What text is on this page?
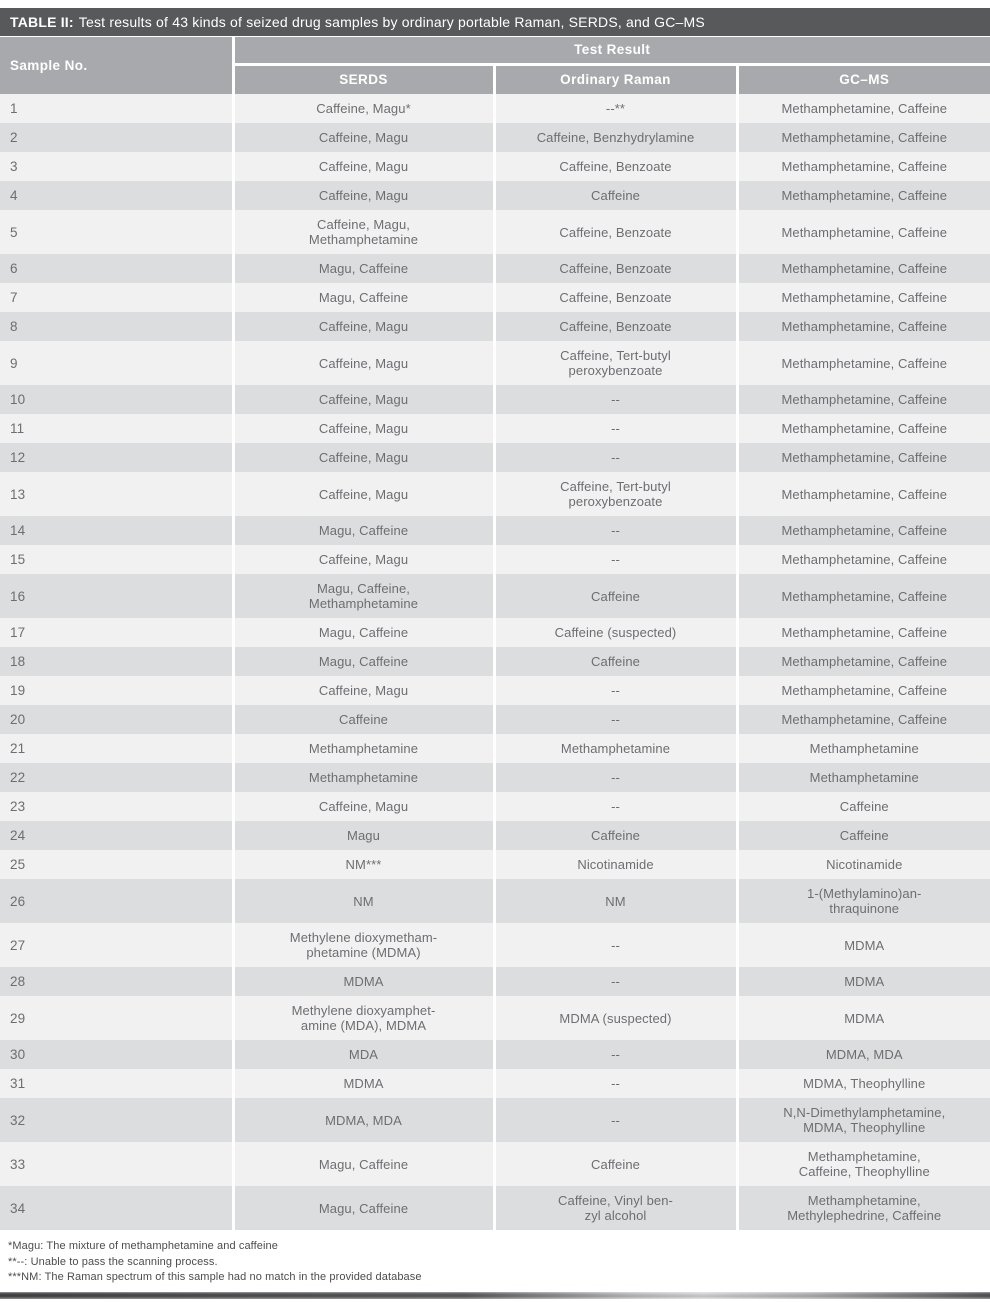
TABLE II: Test results of 43 kinds of seized drug samples by ordinary portable Raman, SERDS, and GC–MS
Sample No.	Test Result		
	SERDS	Ordinary Raman	GC–MS
1	Caffeine, Magu*	--**	Methamphetamine, Caffeine
2	Caffeine, Magu	Caffeine, Benzhydrylamine	Methamphetamine, Caffeine
3	Caffeine, Magu	Caffeine, Benzoate	Methamphetamine, Caffeine
4	Caffeine, Magu	Caffeine	Methamphetamine, Caffeine
5	Caffeine, Magu,
Methamphetamine	Caffeine, Benzoate	Methamphetamine, Caffeine
6	Magu, Caffeine	Caffeine, Benzoate	Methamphetamine, Caffeine
7	Magu, Caffeine	Caffeine, Benzoate	Methamphetamine, Caffeine
8	Caffeine, Magu	Caffeine, Benzoate	Methamphetamine, Caffeine
9	Caffeine, Magu	Caffeine, Tert-butyl
peroxybenzoate	Methamphetamine, Caffeine
10	Caffeine, Magu	--	Methamphetamine, Caffeine
11	Caffeine, Magu	--	Methamphetamine, Caffeine
12	Caffeine, Magu	--	Methamphetamine, Caffeine
13	Caffeine, Magu	Caffeine, Tert-butyl
peroxybenzoate	Methamphetamine, Caffeine
14	Magu, Caffeine	--	Methamphetamine, Caffeine
15	Caffeine, Magu	--	Methamphetamine, Caffeine
16	Magu, Caffeine,
Methamphetamine	Caffeine	Methamphetamine, Caffeine
17	Magu, Caffeine	Caffeine (suspected)	Methamphetamine, Caffeine
18	Magu, Caffeine	Caffeine	Methamphetamine, Caffeine
19	Caffeine, Magu	--	Methamphetamine, Caffeine
20	Caffeine	--	Methamphetamine, Caffeine
21	Methamphetamine	Methamphetamine	Methamphetamine
22	Methamphetamine	--	Methamphetamine
23	Caffeine, Magu	--	Caffeine
24	Magu	Caffeine	Caffeine
25	NM***	Nicotinamide	Nicotinamide
26	NM	NM	1-(Methylamino)an-
thraquinone
27	Methylene dioxymetham-
phetamine (MDMA)	--	MDMA
28	MDMA	--	MDMA
29	Methylene dioxyamphet-
amine (MDA), MDMA	MDMA (suspected)	MDMA
30	MDA	--	MDMA, MDA
31	MDMA	--	MDMA, Theophylline
32	MDMA, MDA	--	N,N-Dimethylamphetamine,
MDMA, Theophylline
33	Magu, Caffeine	Caffeine	Methamphetamine,
Caffeine, Theophylline
34	Magu, Caffeine	Caffeine, Vinyl ben-
zyl alcohol	Methamphetamine,
Methylephedrine, Caffeine
*Magu: The mixture of methamphetamine and caffeine
**--: Unable to pass the scanning process.
***NM: The Raman spectrum of this sample had no match in the provided database
